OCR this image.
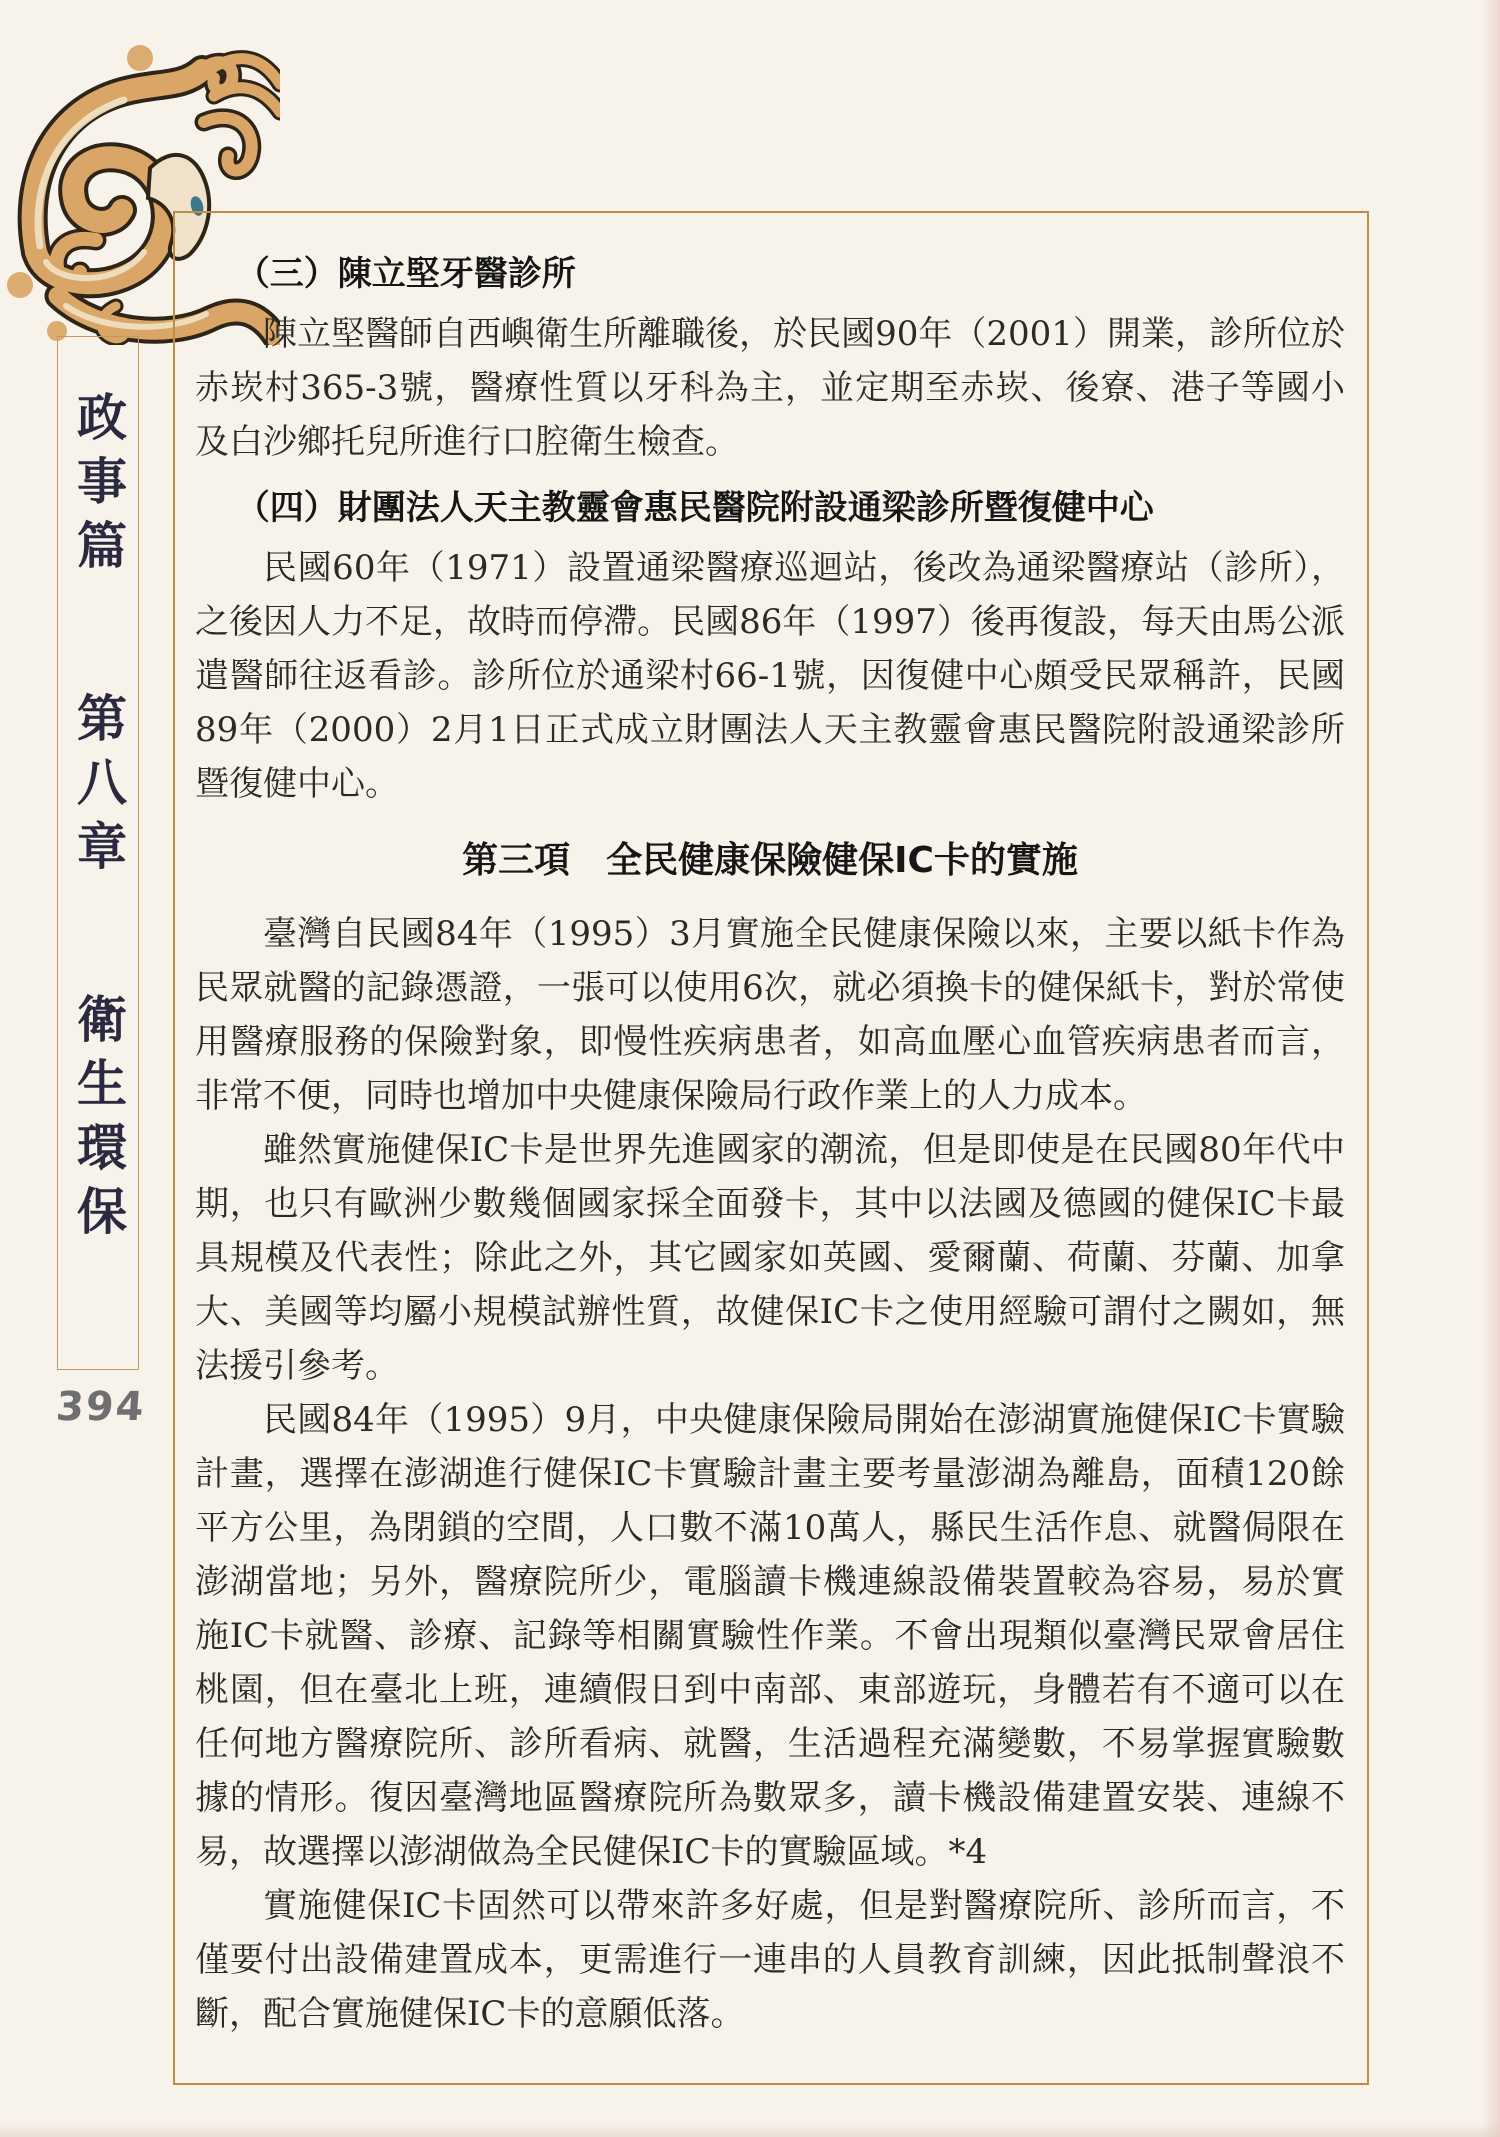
政事篇 第八章 衛生環保
394
（三）陳立堅牙醫診所

陳立堅醫師自西嶼衛生所離職後，於民國90年（2001）開業，診所位於赤崁村365-3號，醫療性質以牙科為主，並定期至赤崁、後寮、港子等國小及白沙鄉托兒所進行口腔衛生檢查。

（四）財團法人天主教靈會惠民醫院附設通梁診所暨復健中心

民國60年（1971）設置通梁醫療巡迴站，後改為通梁醫療站（診所），之後因人力不足，故時而停滯。民國86年（1997）後再復設，每天由馬公派遣醫師往返看診。診所位於通梁村66-1號，因復健中心頗受民眾稱許，民國89年（2000）2月1日正式成立財團法人天主教靈會惠民醫院附設通梁診所暨復健中心。

第三項　全民健康保險健保IC卡的實施

臺灣自民國84年（1995）3月實施全民健康保險以來，主要以紙卡作為民眾就醫的記錄憑證，一張可以使用6次，就必須換卡的健保紙卡，對於常使用醫療服務的保險對象，即慢性疾病患者，如高血壓心血管疾病患者而言，非常不便，同時也增加中央健康保險局行政作業上的人力成本。

雖然實施健保IC卡是世界先進國家的潮流，但是即使是在民國80年代中期，也只有歐洲少數幾個國家採全面發卡，其中以法國及德國的健保IC卡最具規模及代表性；除此之外，其它國家如英國、愛爾蘭、荷蘭、芬蘭、加拿大、美國等均屬小規模試辦性質，故健保IC卡之使用經驗可謂付之闕如，無法援引參考。

民國84年（1995）9月，中央健康保險局開始在澎湖實施健保IC卡實驗計畫，選擇在澎湖進行健保IC卡實驗計畫主要考量澎湖為離島，面積120餘平方公里，為閉鎖的空間，人口數不滿10萬人，縣民生活作息、就醫侷限在澎湖當地；另外，醫療院所少，電腦讀卡機連線設備裝置較為容易，易於實施IC卡就醫、診療、記錄等相關實驗性作業。不會出現類似臺灣民眾會居住桃園，但在臺北上班，連續假日到中南部、東部遊玩，身體若有不適可以在任何地方醫療院所、診所看病、就醫，生活過程充滿變數，不易掌握實驗數據的情形。復因臺灣地區醫療院所為數眾多，讀卡機設備建置安裝、連線不易，故選擇以澎湖做為全民健保IC卡的實驗區域。*4

實施健保IC卡固然可以帶來許多好處，但是對醫療院所、診所而言，不僅要付出設備建置成本，更需進行一連串的人員教育訓練，因此抵制聲浪不斷，配合實施健保IC卡的意願低落。
